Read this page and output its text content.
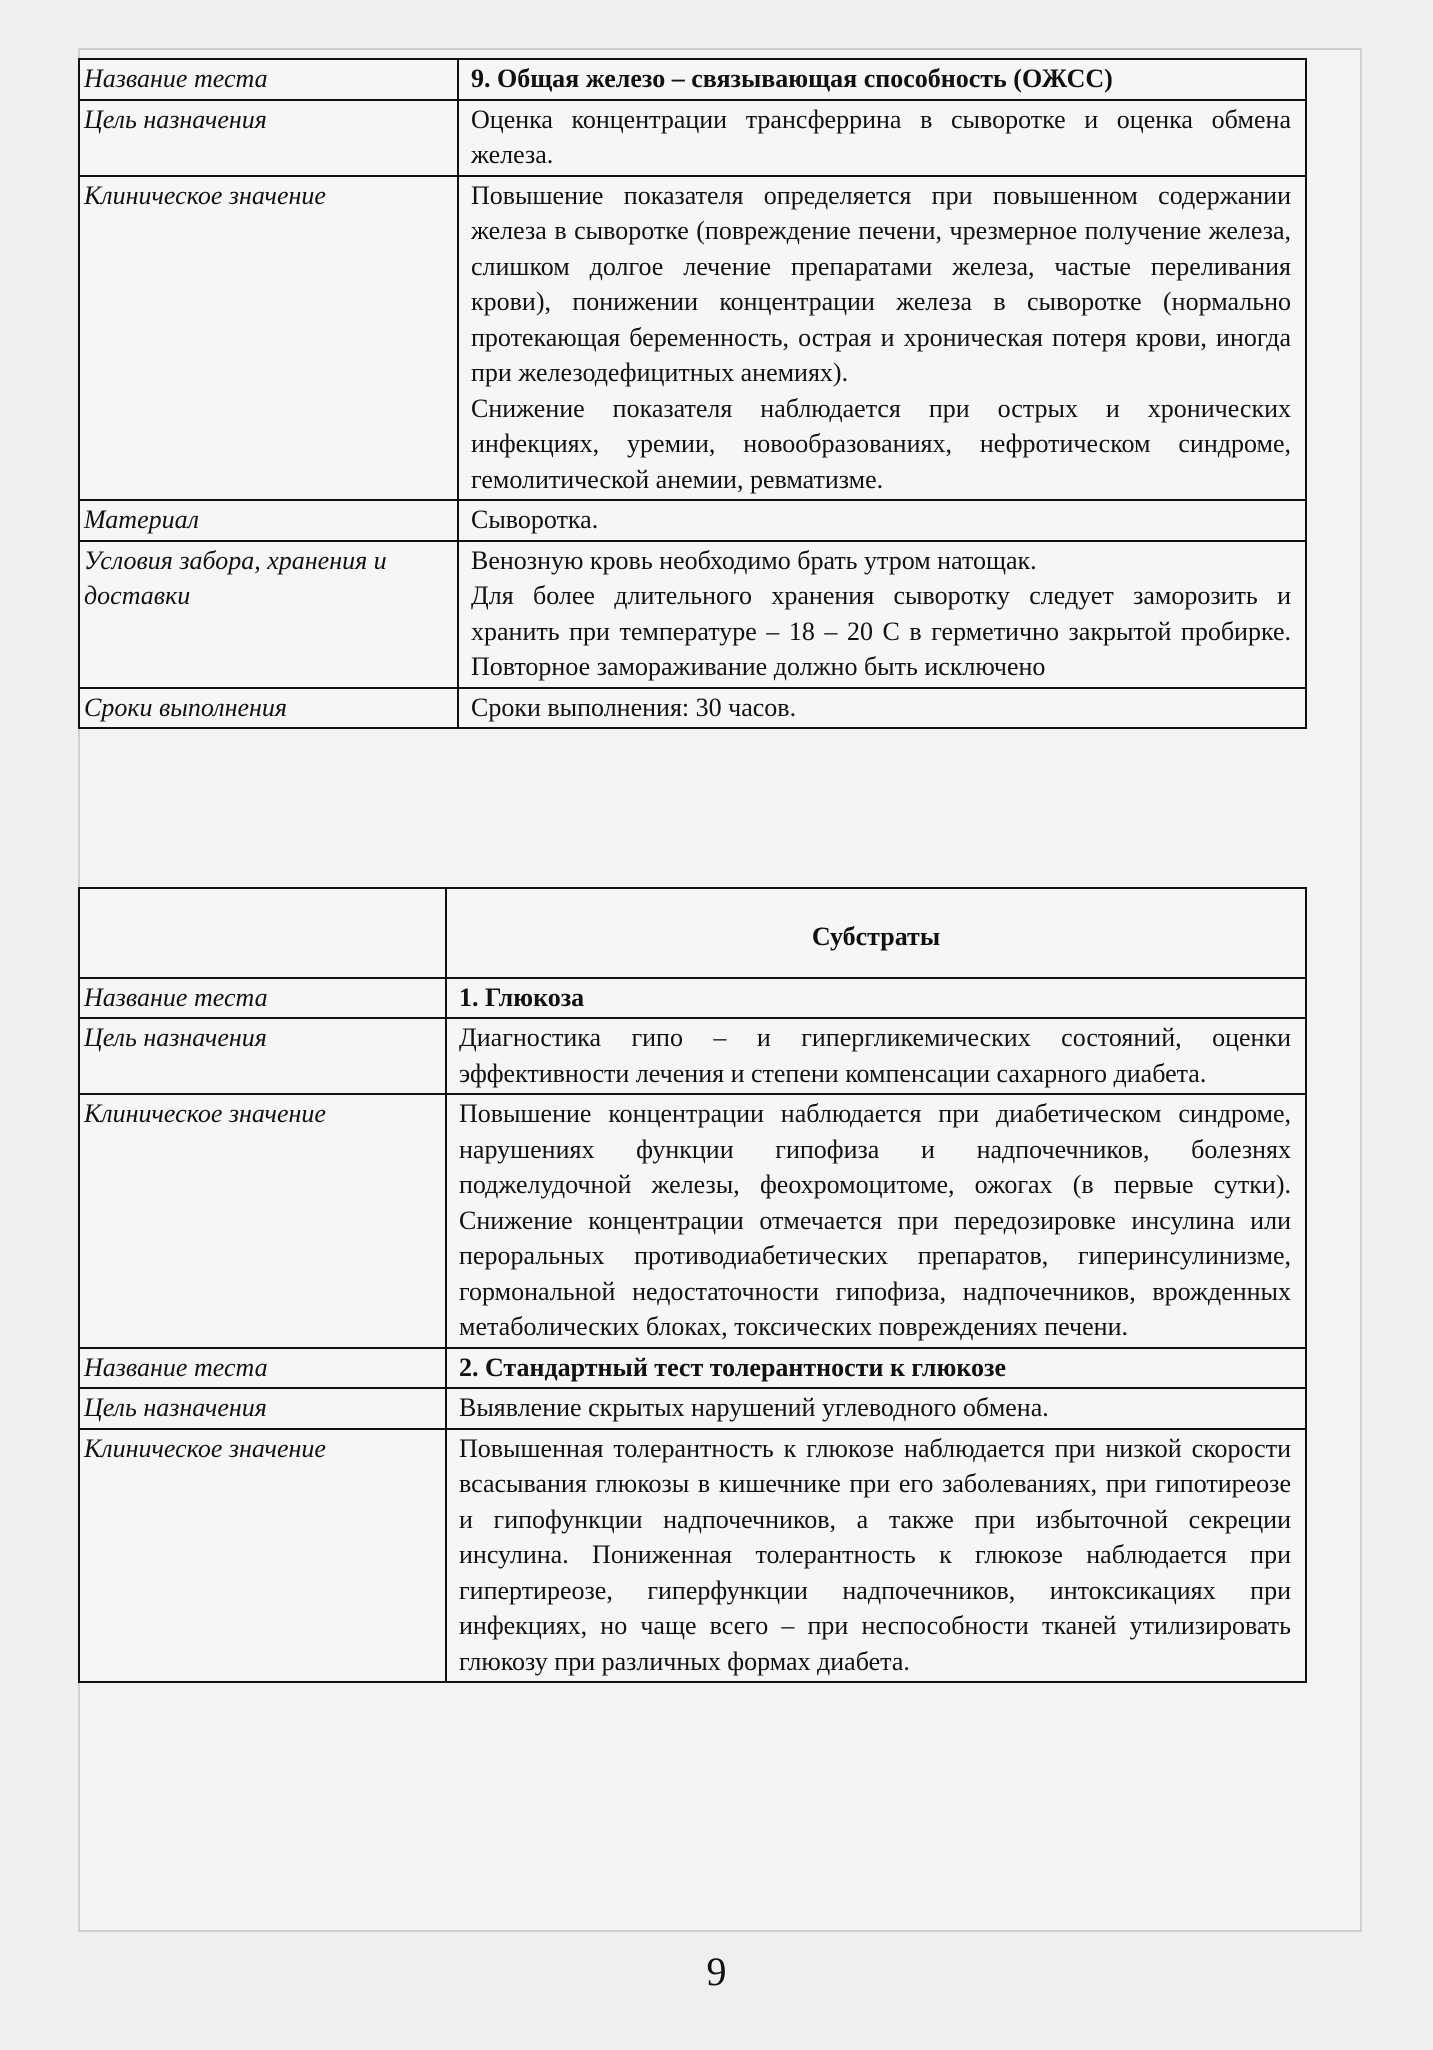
Название теста	9. Общая железо – связывающая способность (ОЖСС)
Цель назначения	Оценка концентрации трансферрина в сыворотке и оценка обмена железа.
Клиническое значение	Повышение показателя определяется при повышенном содержании железа в сыворотке (повреждение печени, чрезмерное получение железа, слишком долгое лечение препаратами железа, частые переливания крови), понижении концентрации железа в сыворотке (нормально протекающая беременность, острая и хроническая потеря крови, иногда при железодефицитных анемиях).

Снижение показателя наблюдается при острых и хронических инфекциях, уремии, новообразованиях, нефротическом синдроме, гемолитической анемии, ревматизме.

Материал	Сыворотка.
Условия забора, хранения и доставки	Венозную кровь необходимо брать утром натощак.

Для более длительного хранения сыворотку следует заморозить и хранить при температуре – 18 – 20 С в герметично закрытой пробирке. Повторное замораживание должно быть исключено

Сроки выполнения	Сроки выполнения: 30 часов.
	Субстраты
Название теста	1. Глюкоза
Цель назначения	Диагностика гипо – и гипергликемических состояний, оценки эффективности лечения и степени компенсации сахарного диабета.
Клиническое значение	Повышение концентрации наблюдается при диабетическом синдроме, нарушениях функции гипофиза и надпочечников, болезнях поджелудочной железы, феохромоцитоме, ожогах (в первые сутки). Снижение концентрации отмечается при передозировке инсулина или пероральных противодиабетических препаратов, гиперинсулинизме, гормональной недостаточности гипофиза, надпочечников, врожденных метаболических блоках, токсических повреждениях печени.
Название теста	2. Стандартный тест толерантности к глюкозе
Цель назначения	Выявление скрытых нарушений углеводного обмена.
Клиническое значение	Повышенная толерантность к глюкозе наблюдается при низкой скорости всасывания глюкозы в кишечнике при его заболеваниях, при гипотиреозе и гипофункции надпочечников, а также при избыточной секреции инсулина. Пониженная толерантность к глюкозе наблюдается при гипертиреозе, гиперфункции надпочечников, интоксикациях при инфекциях, но чаще всего – при неспособности тканей утилизировать глюкозу при различных формах диабета.
9
